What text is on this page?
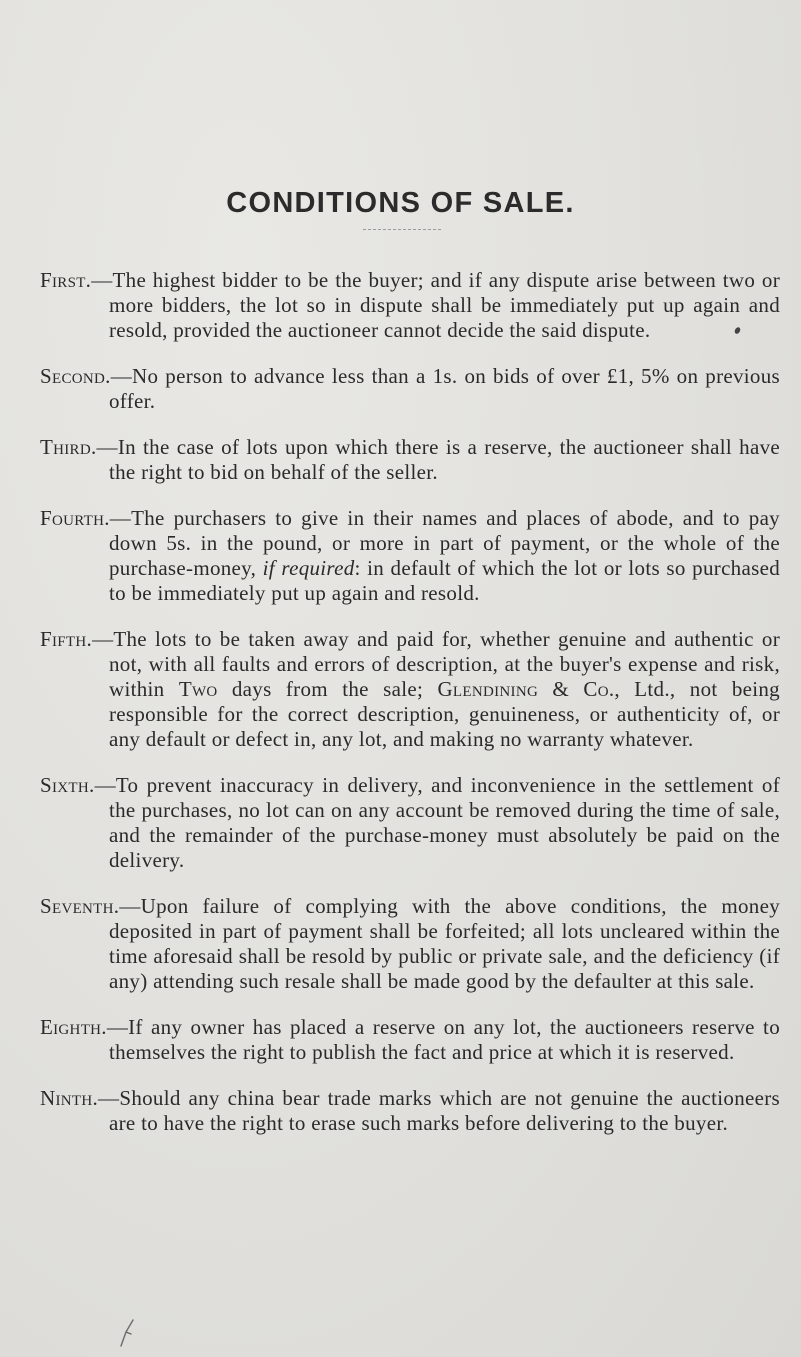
CONDITIONS OF SALE.

First.—The highest bidder to be the buyer; and if any dispute arise between two or more bidders, the lot so in dispute shall be immediately put up again and resold, provided the auctioneer cannot decide the said dispute.

Second.—No person to advance less than a 1s. on bids of over £1, 5% on previous offer.

Third.—In the case of lots upon which there is a reserve, the auctioneer shall have the right to bid on behalf of the seller.

Fourth.—The purchasers to give in their names and places of abode, and to pay down 5s. in the pound, or more in part of payment, or the whole of the purchase-money, if required: in default of which the lot or lots so purchased to be immediately put up again and resold.

Fifth.—The lots to be taken away and paid for, whether genuine and authentic or not, with all faults and errors of description, at the buyer's expense and risk, within Two days from the sale; Glendining & Co., Ltd., not being responsible for the correct description, genuineness, or authenticity of, or any default or defect in, any lot, and making no warranty whatever.

Sixth.—To prevent inaccuracy in delivery, and inconvenience in the settlement of the purchases, no lot can on any account be removed during the time of sale, and the remainder of the purchase-money must absolutely be paid on the delivery.

Seventh.—Upon failure of complying with the above conditions, the money deposited in part of payment shall be forfeited; all lots uncleared within the time aforesaid shall be resold by public or private sale, and the deficiency (if any) attending such resale shall be made good by the defaulter at this sale.

Eighth.—If any owner has placed a reserve on any lot, the auctioneers reserve to themselves the right to publish the fact and price at which it is reserved.

Ninth.—Should any china bear trade marks which are not genuine the auctioneers are to have the right to erase such marks before delivering to the buyer.
